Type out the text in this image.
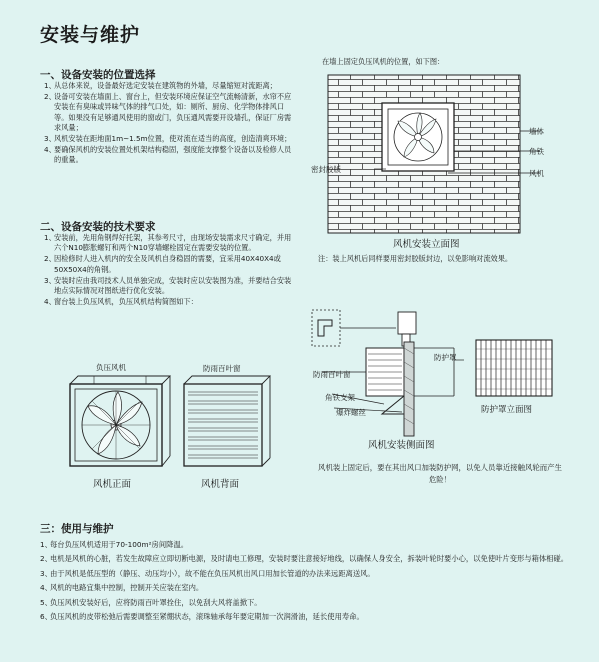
安装与维护
一、设备安装的位置选择
1、
从总体来说，设备最好选定安装在建筑物的外墙，尽量缩短对流距离；
2、
设备可安装在墙面上、窗台上，但安装环境应保证空气流畅清新，水帘不应安装在有臭味或异味气体的排气口处，如：厕所、厨房、化学物体排风口等。如果没有足够通风使用的窗或门，负压通风需要开设墙孔，保证厂房需求风量；
3、
风机安装在距地面1m~1.5m位置，使对流在适当的高度，创造清爽环境；
4、
要确保风机的安装位置处机架结构稳固，强度能支撑整个设备以及检修人员的重量。
二、设备安装的技术要求
1、
安装前，先用角钢焊好托架，其参考尺寸，由现场安装需求尺寸确定，并用六个N10膨胀螺钉和两个N10穿墙螺栓固定在需要安装的位置。
2、
因检修时人进入机内的安全及风机自身稳固的需要，宜采用40X40X4或50X50X4的角钢。
3、
安装时应由我司技术人员单独完成，安装时应以安装图为准，并要结合安装地点实际情况对图纸进行优化安装。
4、
窗台装上负压风机，负压风机结构简图如下：
负压风机
风机正面
防雨百叶窗
风机背面
在墙上固定负压风机的位置，如下图：
墙体
角铁
密封胶版	风机
风机安装立面图
注：装上风机后同样要用密封胶版封边，以免影响对流效果。
防雨百叶窗
防护罩
角铁支架
爆炸螺丝
风机安装侧面图
防护罩立面图
风机装上固定后，要在其出风口加装防护网，以免人员靠近接触风轮而产生危险！
三：使用与维护
1、
每台负压风机适用于70-100m²房间降温。
2、
电机是风机的心脏，若发生故障应立即切断电源，及时请电工修理，安装时要注意接好地线，以确保人身安全，拆装叶轮时要小心，以免使叶片变形与箱体相碰。
3、
由于风机是低压型的（静压、动压均小），故不能在负压风机出风口用加长管道的办法来远距离送风。
4、
风机的电路宜集中控制，控制开关应装在室内。
5、
负压风机安装好后，应将防雨百叶罩拴住，以免刮大风将盖掀下。
6、
负压风机的皮带松弛后需要调整至紧绷状态，滚珠轴承每年要定期加一次润滑油，延长使用寿命。
